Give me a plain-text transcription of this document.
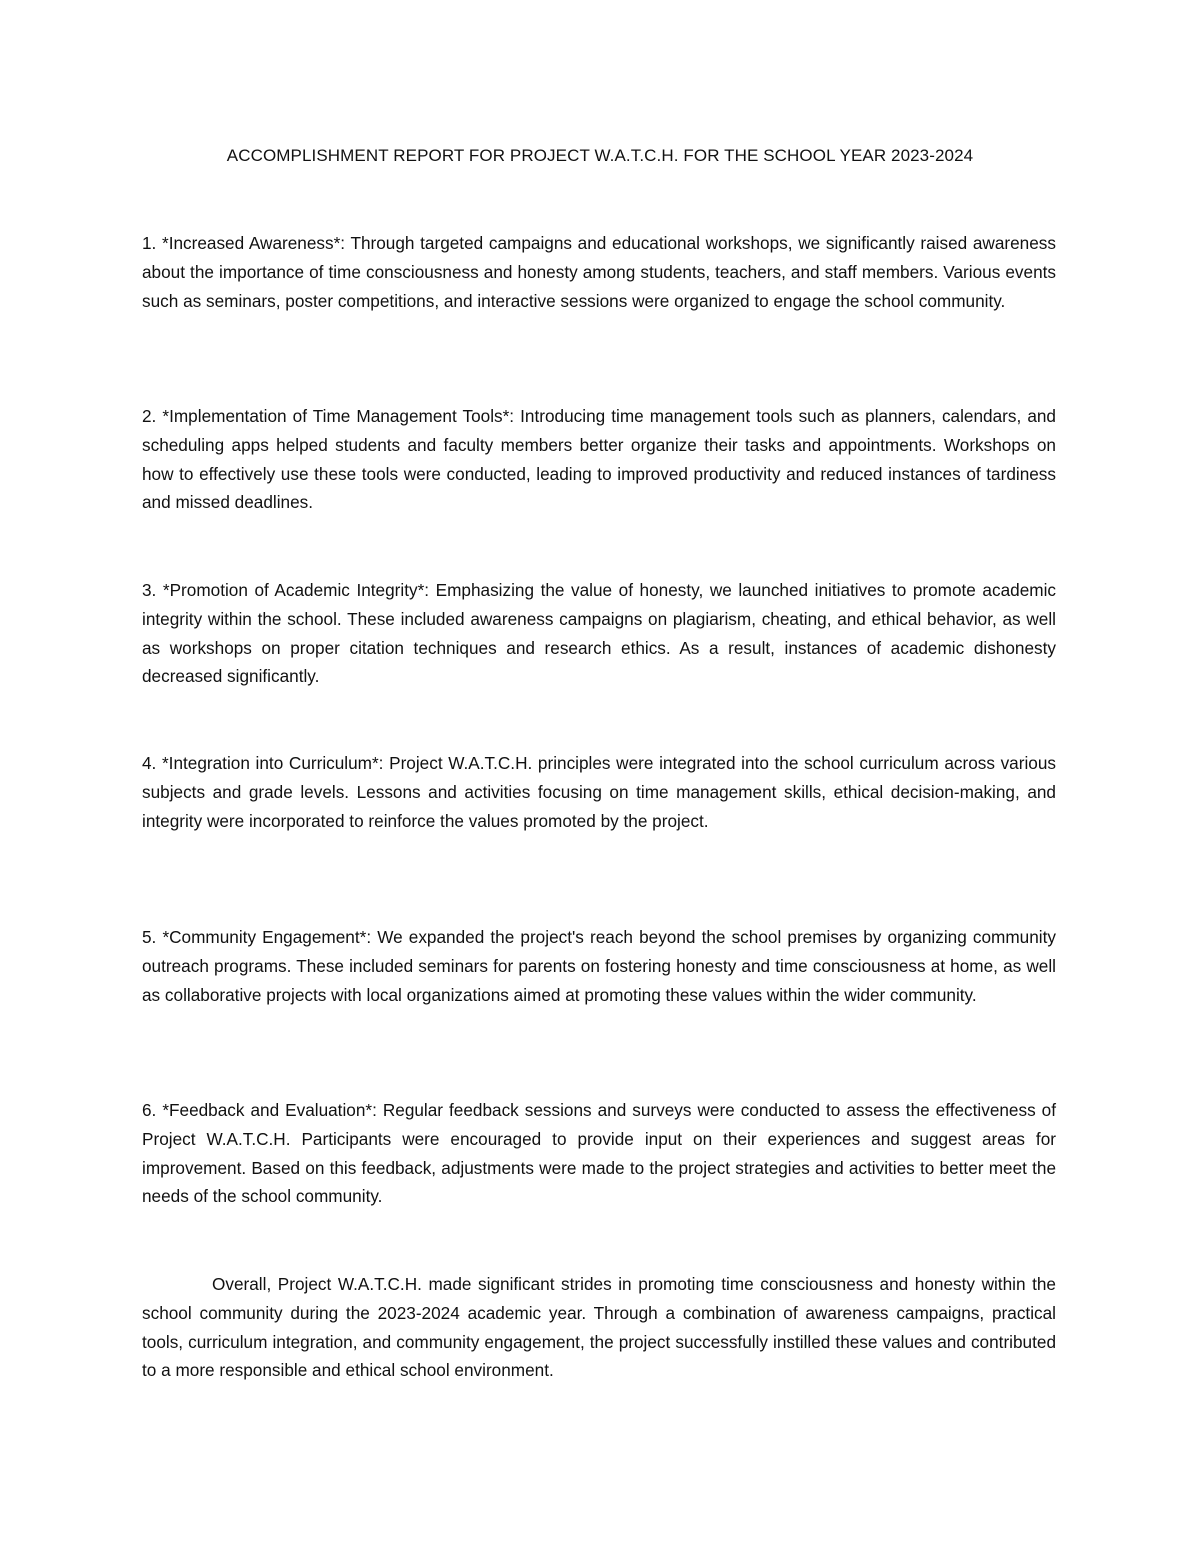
ACCOMPLISHMENT REPORT FOR PROJECT W.A.T.C.H. FOR THE SCHOOL YEAR 2023-2024

1. *Increased Awareness*: Through targeted campaigns and educational workshops, we significantly raised awareness about the importance of time consciousness and honesty among students, teachers, and staff members. Various events such as seminars, poster competitions, and interactive sessions were organized to engage the school community.

2. *Implementation of Time Management Tools*: Introducing time management tools such as planners, calendars, and scheduling apps helped students and faculty members better organize their tasks and appointments. Workshops on how to effectively use these tools were conducted, leading to improved productivity and reduced instances of tardiness and missed deadlines.

3. *Promotion of Academic Integrity*: Emphasizing the value of honesty, we launched initiatives to promote academic integrity within the school. These included awareness campaigns on plagiarism, cheating, and ethical behavior, as well as workshops on proper citation techniques and research ethics. As a result, instances of academic dishonesty decreased significantly.

4. *Integration into Curriculum*: Project W.A.T.C.H. principles were integrated into the school curriculum across various subjects and grade levels. Lessons and activities focusing on time management skills, ethical decision-making, and integrity were incorporated to reinforce the values promoted by the project.

5. *Community Engagement*: We expanded the project's reach beyond the school premises by organizing community outreach programs. These included seminars for parents on fostering honesty and time consciousness at home, as well as collaborative projects with local organizations aimed at promoting these values within the wider community.

6. *Feedback and Evaluation*: Regular feedback sessions and surveys were conducted to assess the effectiveness of Project W.A.T.C.H. Participants were encouraged to provide input on their experiences and suggest areas for improvement. Based on this feedback, adjustments were made to the project strategies and activities to better meet the needs of the school community.

Overall, Project W.A.T.C.H. made significant strides in promoting time consciousness and honesty within the school community during the 2023-2024 academic year. Through a combination of awareness campaigns, practical tools, curriculum integration, and community engagement, the project successfully instilled these values and contributed to a more responsible and ethical school environment.
